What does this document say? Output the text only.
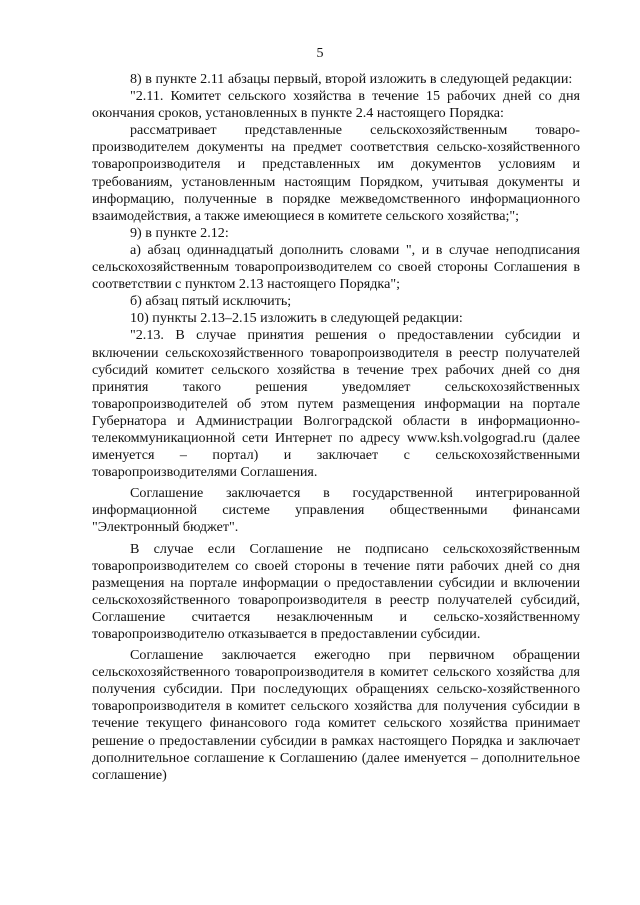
5

8) в пункте 2.11 абзацы первый, второй изложить в следующей редакции:

"2.11. Комитет сельского хозяйства в течение 15 рабочих дней со дня окончания сроков, установленных в пункте 2.4 настоящего Порядка:

рассматривает представленные сельскохозяйственным товаро-производителем документы на предмет соответствия сельско-хозяйственного товаропроизводителя и представленных им документов условиям и требованиям, установленным настоящим Порядком, учитывая документы и информацию, полученные в порядке межведомственного информационного взаимодействия, а также имеющиеся в комитете сельского хозяйства;";

9) в пункте 2.12:

а) абзац одиннадцатый дополнить словами ", и в случае неподписания сельскохозяйственным товаропроизводителем со своей стороны Соглашения в соответствии с пунктом 2.13 настоящего Порядка";

б) абзац пятый исключить;

10) пункты 2.13–2.15 изложить в следующей редакции:

"2.13. В случае принятия решения о предоставлении субсидии и включении сельскохозяйственного товаропроизводителя в реестр получателей субсидий комитет сельского хозяйства в течение трех рабочих дней со дня принятия такого решения уведомляет сельскохозяйственных товаропроизводителей об этом путем размещения информации на портале Губернатора и Администрации Волгоградской области в информационно-телекоммуникационной сети Интернет по адресу www.ksh.volgograd.ru (далее именуется – портал) и заключает с сельскохозяйственными товаропроизводителями Соглашения.

Соглашение заключается в государственной интегрированной информационной системе управления общественными финансами "Электронный бюджет".

В случае если Соглашение не подписано сельскохозяйственным товаропроизводителем со своей стороны в течение пяти рабочих дней со дня размещения на портале информации о предоставлении субсидии и включении сельскохозяйственного товаропроизводителя в реестр получателей субсидий, Соглашение считается незаключенным и сельско-хозяйственному товаропроизводителю отказывается в предоставлении субсидии.

Соглашение заключается ежегодно при первичном обращении сельскохозяйственного товаропроизводителя в комитет сельского хозяйства для получения субсидии. При последующих обращениях сельско-хозяйственного товаропроизводителя в комитет сельского хозяйства для получения субсидии в течение текущего финансового года комитет сельского хозяйства принимает решение о предоставлении субсидии в рамках настоящего Порядка и заключает дополнительное соглашение к Соглашению (далее именуется – дополнительное соглашение)
